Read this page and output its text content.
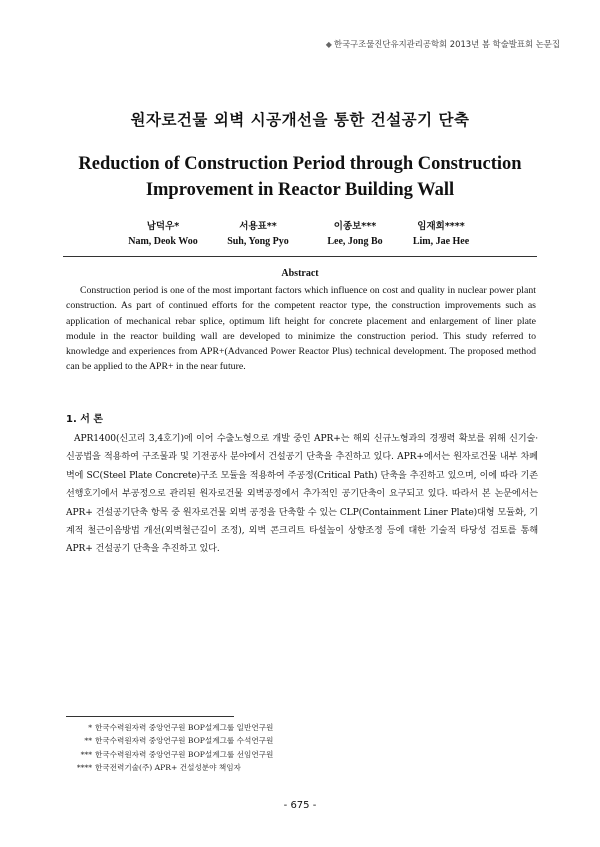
◆ 한국구조물진단유지관리공학회 2013년 봄 학술발표회 논문집
원자로건물 외벽 시공개선을 통한 건설공기 단축
Reduction of Construction Period through Construction
Improvement in Reactor Building Wall
남덕우*
Nam, Deok Woo
서용표**
Suh, Yong Pyo
이종보***
Lee, Jong Bo
임재희****
Lim, Jae Hee
Abstract
Construction period is one of the most important factors which influence on cost and quality in nuclear power plant construction. As part of continued efforts for the competent reactor type, the construction improvements such as application of mechanical rebar splice, optimum lift height for concrete placement and enlargement of liner plate module in the reactor building wall are developed to minimize the construction period. This study referred to knowledge and experiences from APR+(Advanced Power Reactor Plus) technical development. The proposed method can be applied to the APR+ in the near future.
1. 서 론
APR1400(신고리 3,4호기)에 이어 수출노형으로 개발 중인 APR+는 해외 신규노형과의 경쟁력 확보를 위해 신기술·신공법을 적용하여 구조물과 및 기전공사 분야에서 건설공기 단축을 추진하고 있다. APR+에서는 원자로건물 내부 차폐벽에 SC(Steel Plate Concrete)구조 모듈을 적용하여 주공정(Critical Path) 단축을 추진하고 있으며, 이에 따라 기존 선행호기에서 부공정으로 관리된 원자로건물 외벽공정에서 추가적인 공기단축이 요구되고 있다. 따라서 본 논문에서는 APR+ 건설공기단축 항목 중 원자로건물 외벽 공정을 단축할 수 있는 CLP(Containment Liner Plate)대형 모듈화, 기계적 철근이음방법 개선(외벽철근길이 조정), 외벽 콘크리트 타설높이 상향조정 등에 대한 기술적 타당성 검토를 통해 APR+ 건설공기 단축을 추진하고 있다.
* 한국수력원자력 중앙연구원 BOP설계그룹 일반연구원
** 한국수력원자력 중앙연구원 BOP설계그룹 수석연구원
*** 한국수력원자력 중앙연구원 BOP설계그룹 선임연구원
**** 한국전력기술(주) APR+ 건설성분야 책임자
- 675 -
